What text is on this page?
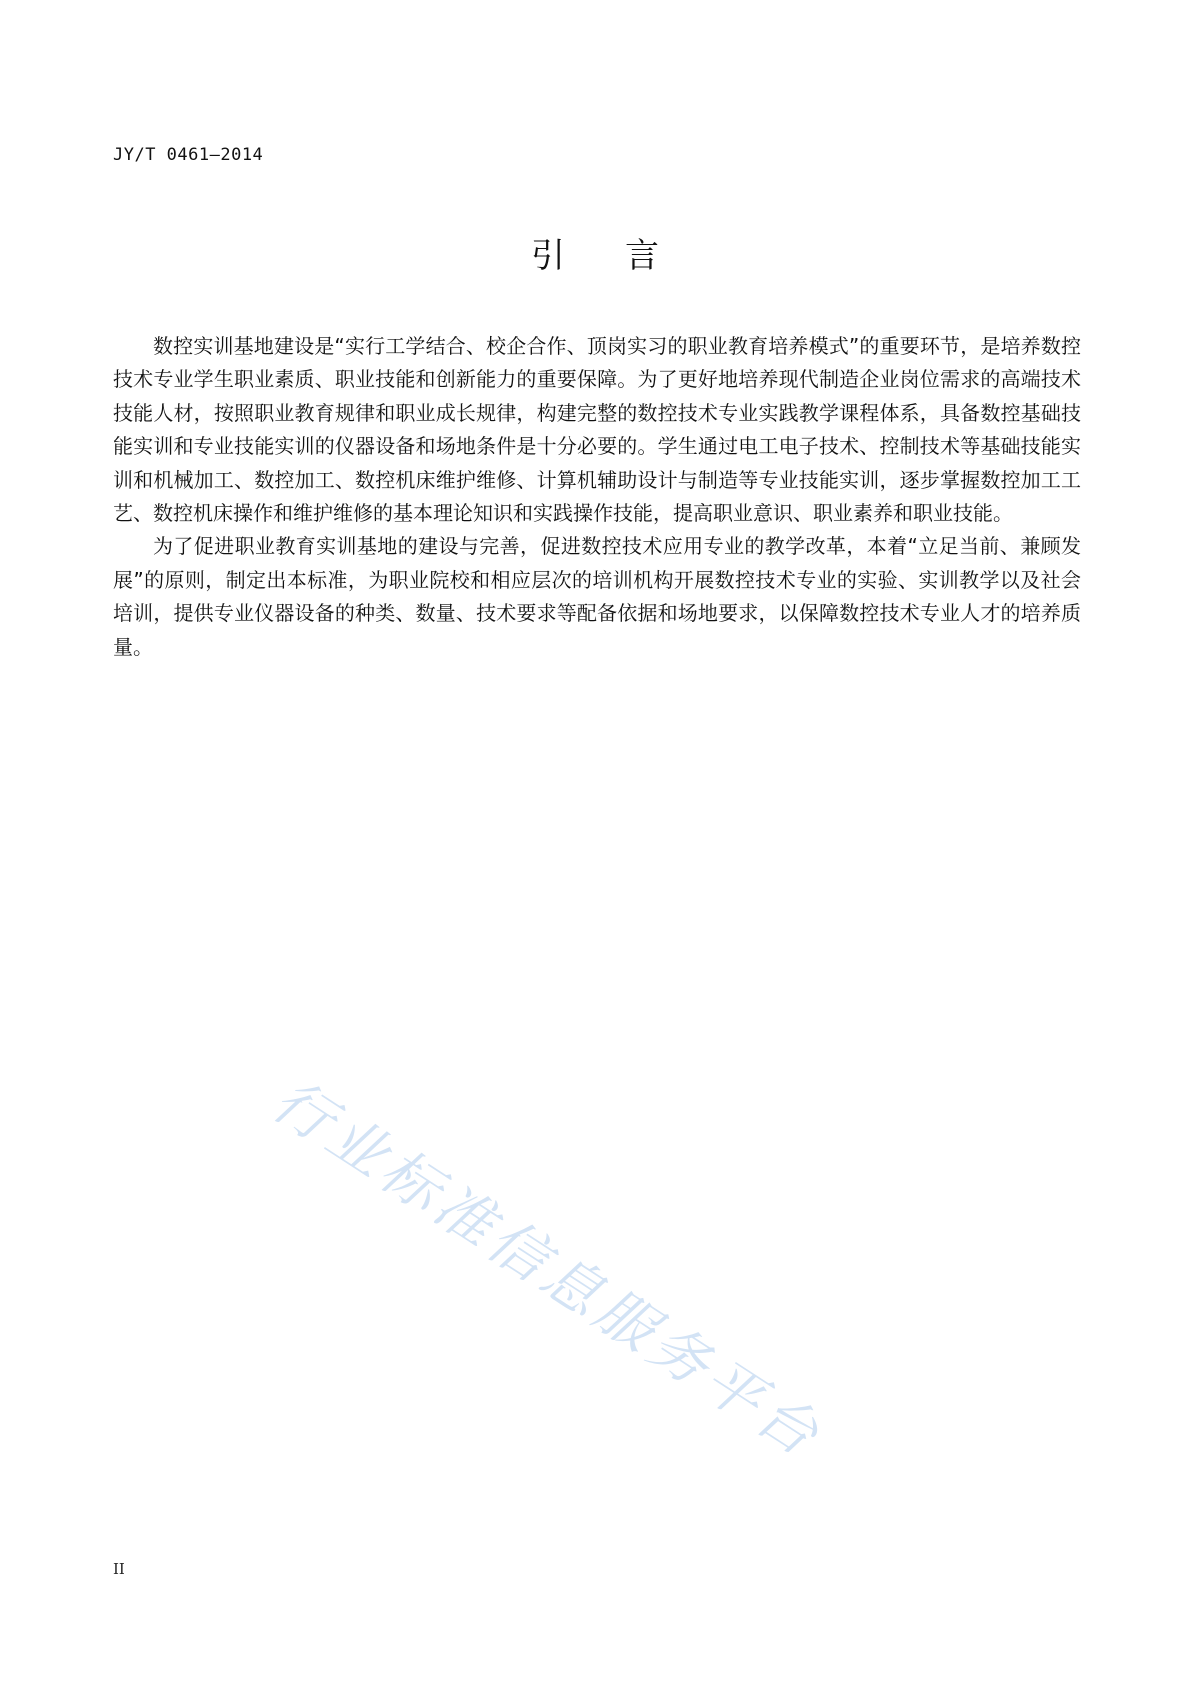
JY/T 0461—2014
引言

数控实训基地建设是“实行工学结合、校企合作、顶岗实习的职业教育培养模式”的重要环节，是培养数控技术专业学生职业素质、职业技能和创新能力的重要保障。为了更好地培养现代制造企业岗位需求的高端技术技能人材，按照职业教育规律和职业成长规律，构建完整的数控技术专业实践教学课程体系，具备数控基础技能实训和专业技能实训的仪器设备和场地条件是十分必要的。学生通过电工电子技术、控制技术等基础技能实训和机械加工、数控加工、数控机床维护维修、计算机辅助设计与制造等专业技能实训，逐步掌握数控加工工艺、数控机床操作和维护维修的基本理论知识和实践操作技能，提高职业意识、职业素养和职业技能。

为了促进职业教育实训基地的建设与完善，促进数控技术应用专业的教学改革，本着“立足当前、兼顾发展”的原则，制定出本标准，为职业院校和相应层次的培训机构开展数控技术专业的实验、实训教学以及社会培训，提供专业仪器设备的种类、数量、技术要求等配备依据和场地要求，以保障数控技术专业人才的培养质量。

行业标准信息服务平台
II
